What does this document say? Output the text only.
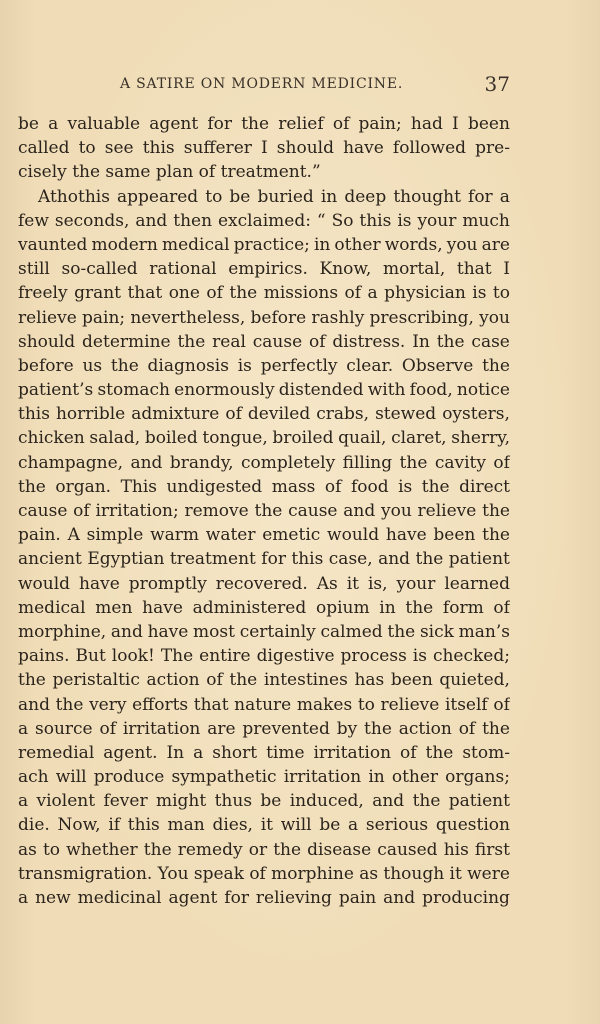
A SATIRE ON MODERN MEDICINE.	37
be a valuable agent for the relief of pain; had I been
called to see this sufferer I should have followed pre-
cisely the same plan of treatment.”
Athothis appeared to be buried in deep thought for a
few seconds, and then exclaimed: “ So this is your much
vaunted modern medical practice; in other words, you are
still so-called rational empirics. Know, mortal, that I
freely grant that one of the missions of a physician is to
relieve pain; nevertheless, before rashly prescribing, you
should determine the real cause of distress. In the case
before us the diagnosis is perfectly clear. Observe the
patient’s stomach enormously distended with food, notice
this horrible admixture of deviled crabs, stewed oysters,
chicken salad, boiled tongue, broiled quail, claret, sherry,
champagne, and brandy, completely filling the cavity of
the organ. This undigested mass of food is the direct
cause of irritation; remove the cause and you relieve the
pain. A simple warm water emetic would have been the
ancient Egyptian treatment for this case, and the patient
would have promptly recovered. As it is, your learned
medical men have administered opium in the form of
morphine, and have most certainly calmed the sick man’s
pains. But look! The entire digestive process is checked;
the peristaltic action of the intestines has been quieted,
and the very efforts that nature makes to relieve itself of
a source of irritation are prevented by the action of the
remedial agent. In a short time irritation of the stom-
ach will produce sympathetic irritation in other organs;
a violent fever might thus be induced, and the patient
die. Now, if this man dies, it will be a serious question
as to whether the remedy or the disease caused his first
transmigration. You speak of morphine as though it were
a new medicinal agent for relieving pain and producing
